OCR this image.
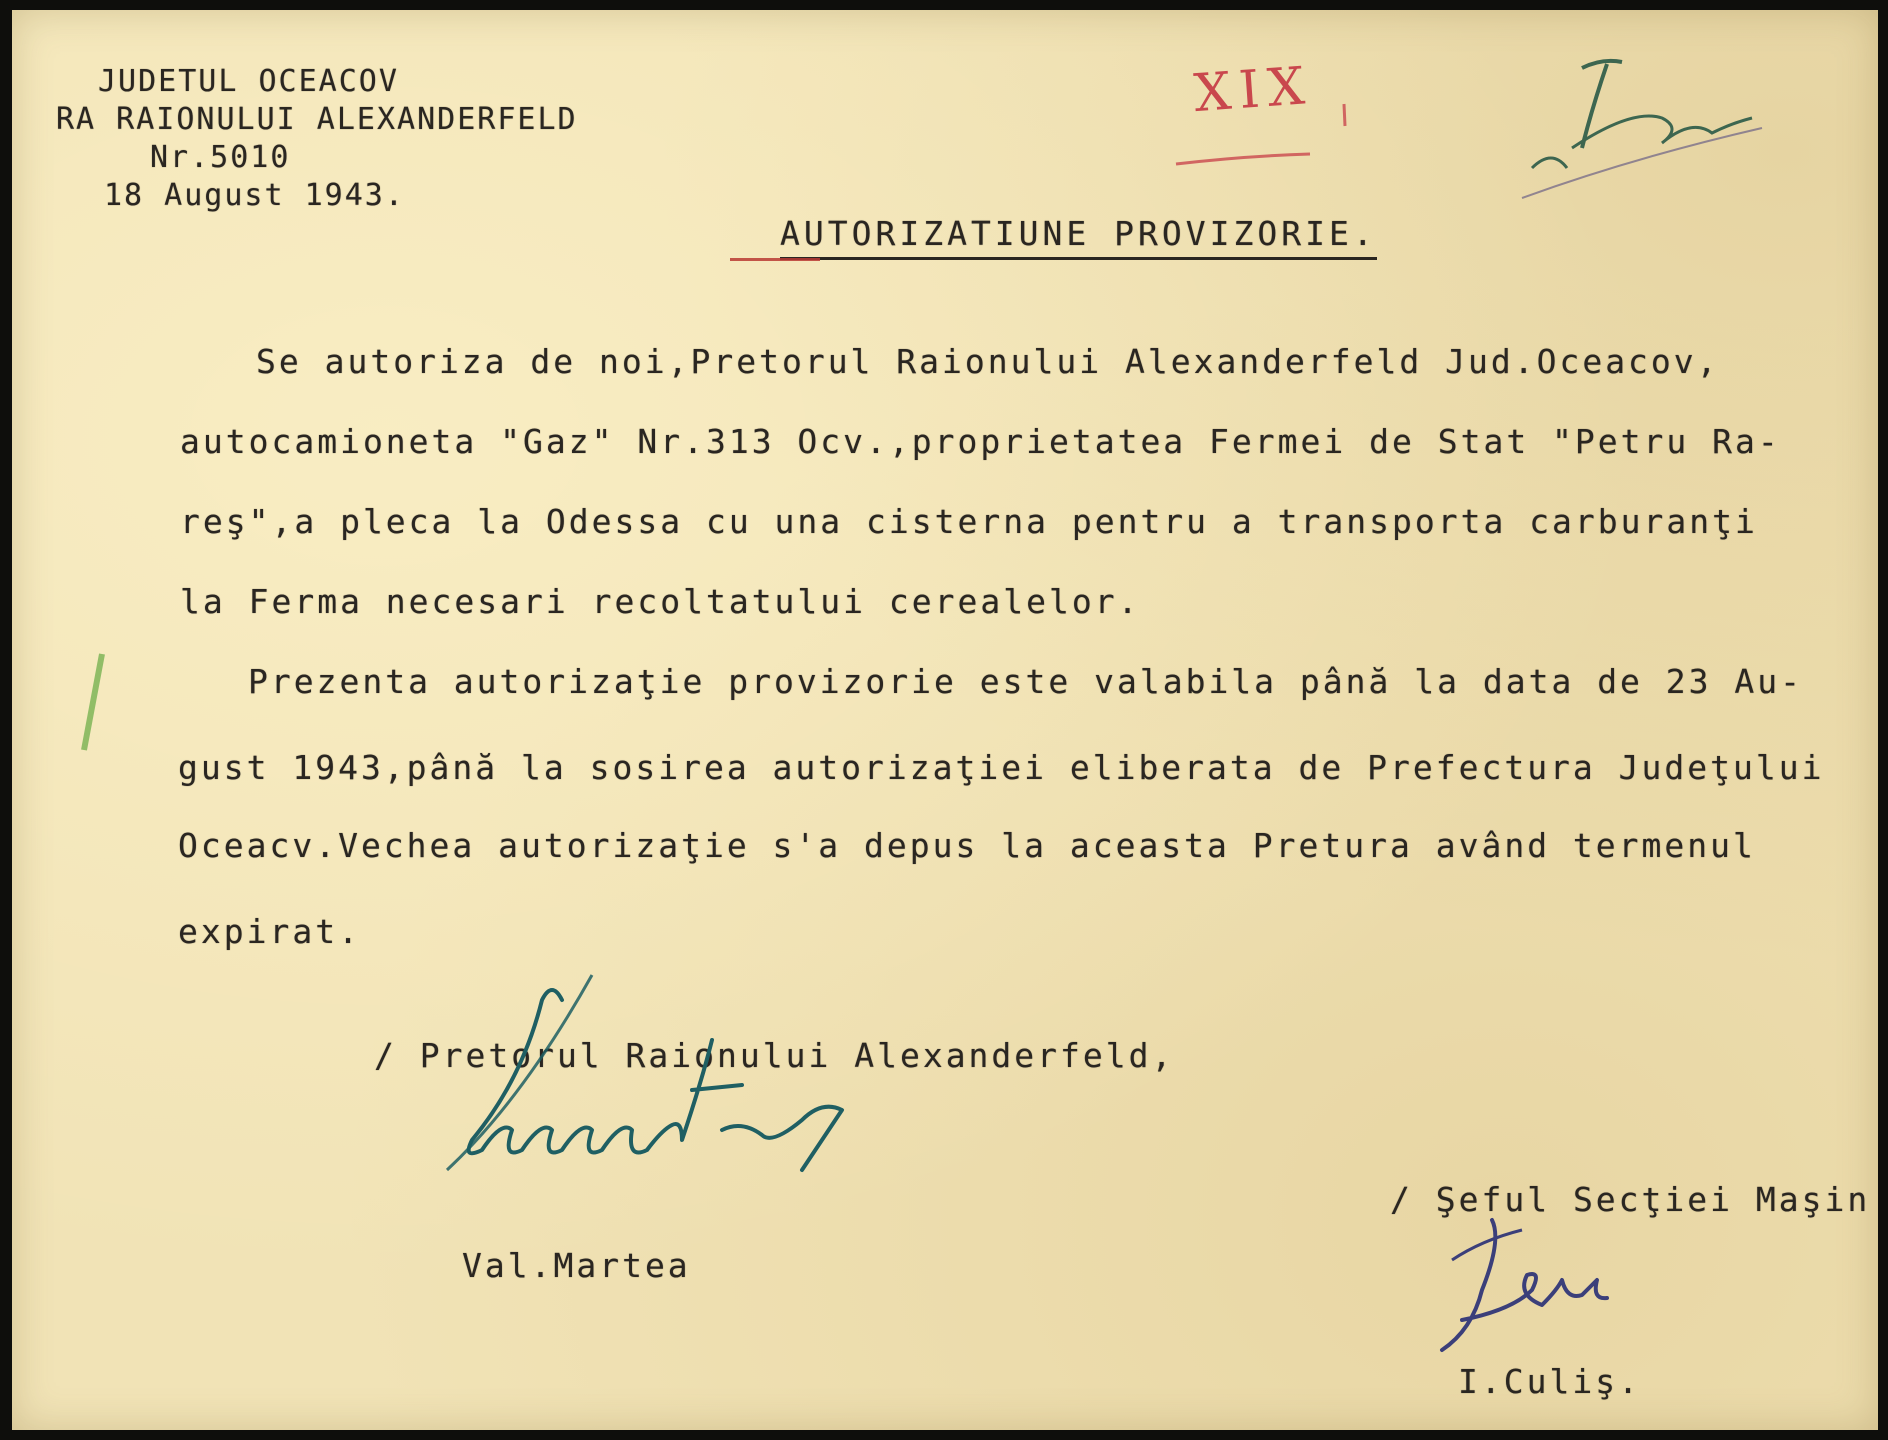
JUDETUL OCEACOV
RA RAIONULUI ALEXANDERFELD
Nr.5010
18 August 1943.
XIX
AUTORIZATIUNE PROVIZORIE.
Se autoriza de noi,Pretorul Raionului Alexanderfeld Jud.Oceacov,
autocamioneta "Gaz" Nr.313 Ocv.,proprietatea Fermei de Stat "Petru Ra-
reş",a pleca la Odessa cu una cisterna pentru a transporta carburanţi
la Ferma necesari recoltatului cerealelor.
Prezenta autorizaţie provizorie este valabila până la data de 23 Au-
gust 1943,până la sosirea autorizaţiei eliberata de Prefectura Judeţului
Oceacv.Vechea autorizaţie s'a depus la aceasta Pretura având termenul
expirat.
/ Pretorul Raionului Alexanderfeld,
Val.Martea
/ Şeful Secţiei Maşin
I.Culiş.
